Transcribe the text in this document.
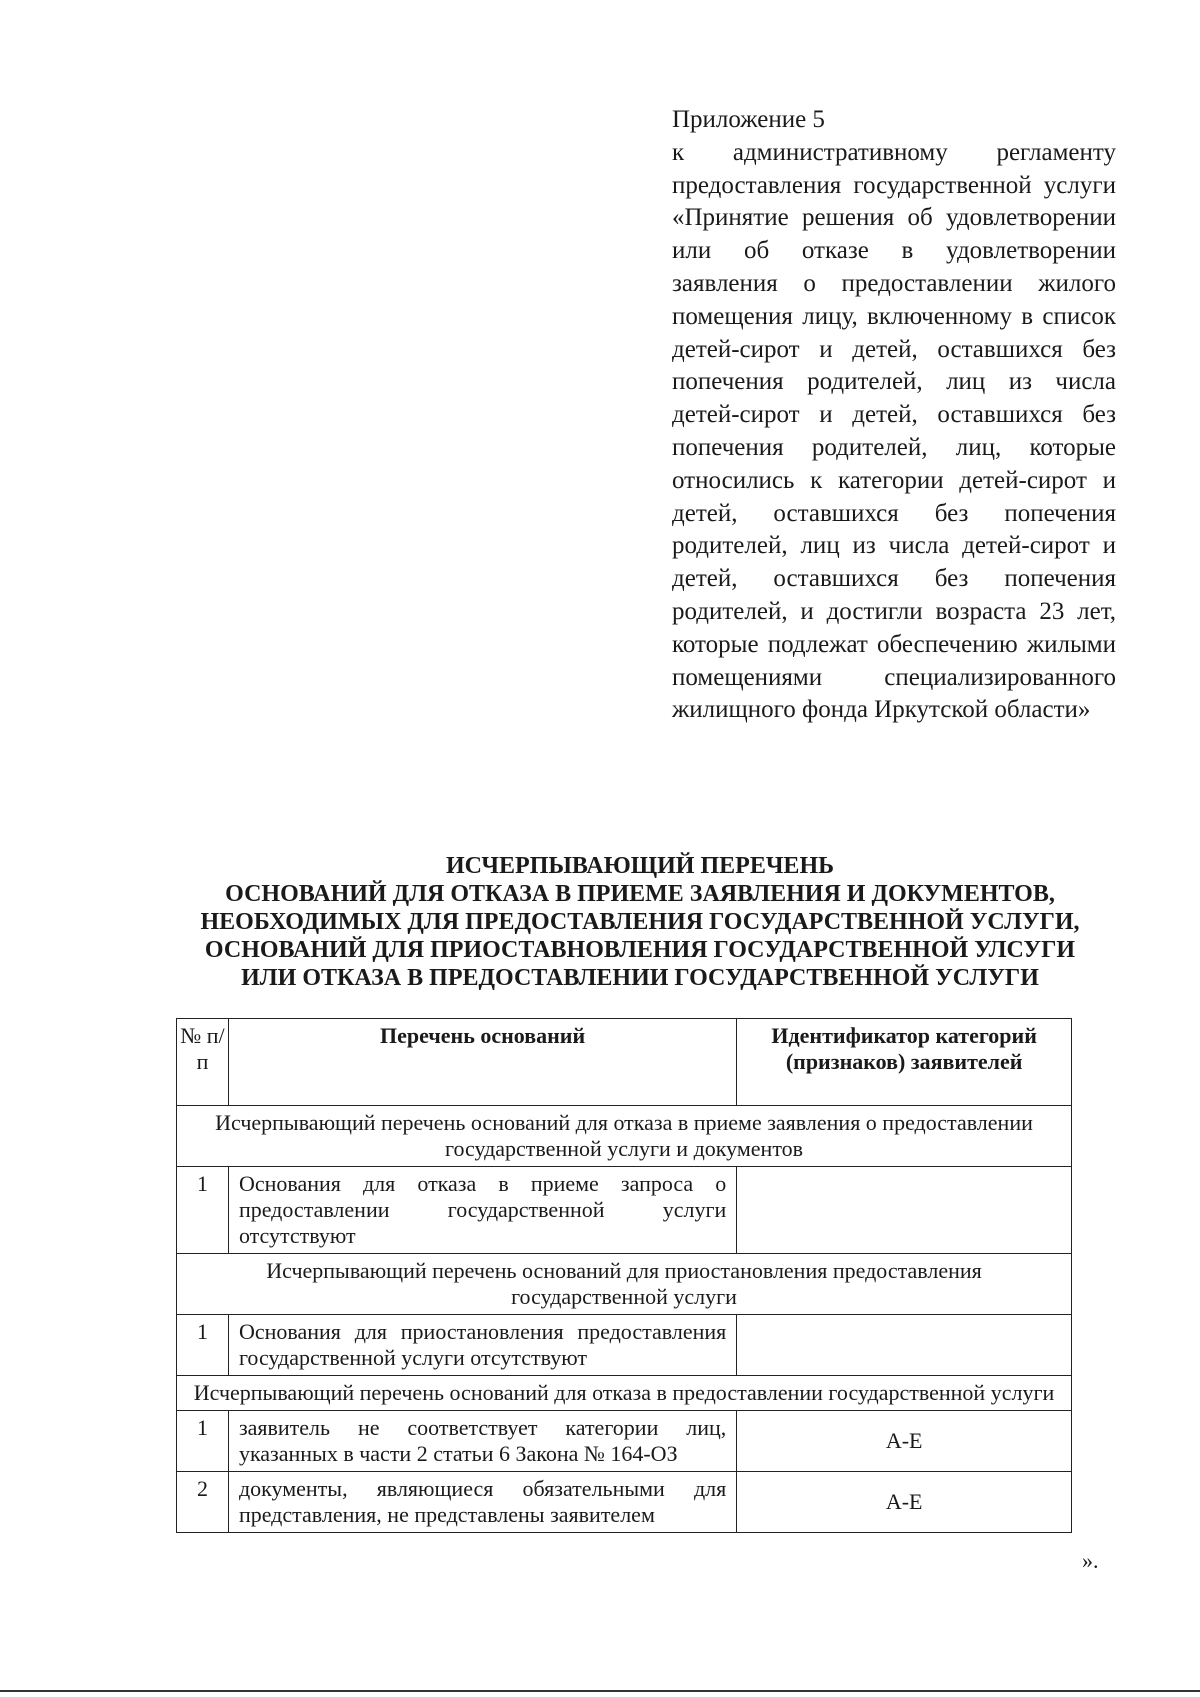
Приложение 5
к административному регламенту предоставления государственной услуги «Принятие решения об удовлетворении или об отказе в удовлетворении заявления о предоставлении жилого помещения лицу, включенному в список детей-сирот и детей, оставшихся без попечения родителей, лиц из числа детей-сирот и детей, оставшихся без попечения родителей, лиц, которые относились к категории детей-сирот и детей, оставшихся без попечения родителей, лиц из числа детей-сирот и детей, оставшихся без попечения родителей, и достигли возраста 23 лет, которые подлежат обеспечению жилыми помещениями специализированного жилищного фонда Иркутской области»
ИСЧЕРПЫВАЮЩИЙ ПЕРЕЧЕНЬ
ОСНОВАНИЙ ДЛЯ ОТКАЗА В ПРИЕМЕ ЗАЯВЛЕНИЯ И ДОКУМЕНТОВ,
НЕОБХОДИМЫХ ДЛЯ ПРЕДОСТАВЛЕНИЯ ГОСУДАРСТВЕННОЙ УСЛУГИ,
ОСНОВАНИЙ ДЛЯ ПРИОСТАВНОВЛЕНИЯ ГОСУДАРСТВЕННОЙ УЛСУГИ
ИЛИ ОТКАЗА В ПРЕДОСТАВЛЕНИИ ГОСУДАРСТВЕННОЙ УСЛУГИ
№ п/п	Перечень оснований	Идентификатор категорий (признаков) заявителей
Исчерпывающий перечень оснований для отказа в приеме заявления о предоставлении государственной услуги и документов		
1	Основания для отказа в приеме запроса о предоставлении государственной услуги отсутствуют	
Исчерпывающий перечень оснований для приостановления предоставления государственной услуги		
1	Основания для приостановления предоставления государственной услуги отсутствуют	
Исчерпывающий перечень оснований для отказа в предоставлении государственной услуги		
1	заявитель не соответствует категории лиц, указанных в части 2 статьи 6 Закона № 164-ОЗ	А-Е
2	документы, являющиеся обязательными для представления, не представлены заявителем	А-Е
».
